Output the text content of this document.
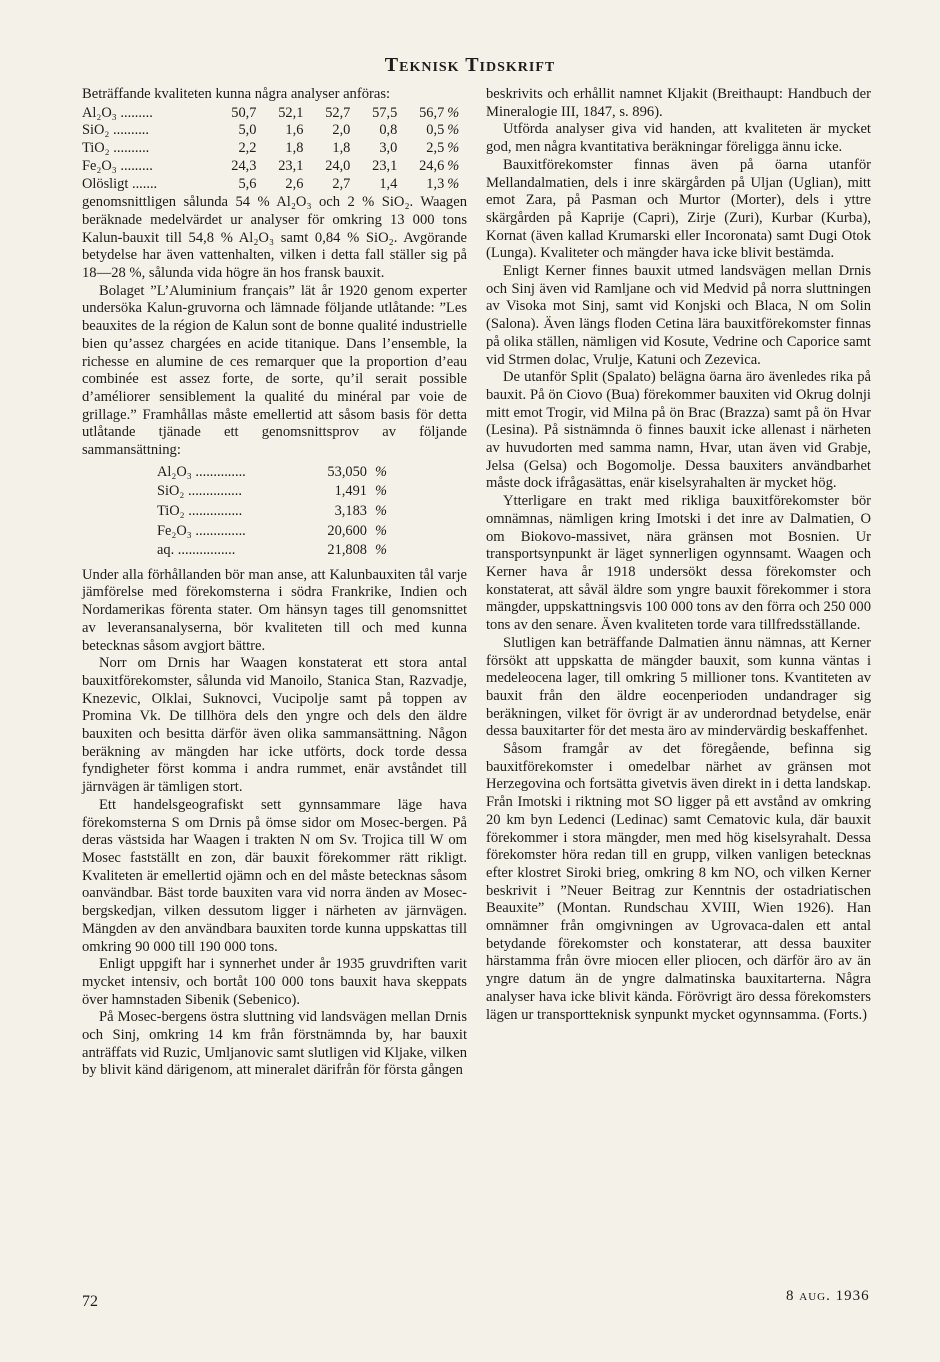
Teknisk Tidskrift

Beträffande kvaliteten kunna några analyser anföras:

Al₂O₃ .........	50,7	52,1	52,7	57,5	56,7	%
SiO₂ ..........	5,0	1,6	2,0	0,8	0,5	%
TiO₂ ..........	2,2	1,8	1,8	3,0	2,5	%
Fe₂O₃ .........	24,3	23,1	24,0	23,1	24,6	%
Olösligt .......	5,6	2,6	2,7	1,4	1,3	%

genomsnittligen sålunda 54 % Al₂O₃ och 2 % SiO₂. Waagen beräknade medelvärdet ur analyser för omkring 13 000 tons Kalun-bauxit till 54,8 % Al₂O₃ samt 0,84 % SiO₂. Avgörande betydelse har även vattenhalten, vilken i detta fall ställer sig på 18—28 %, sålunda vida högre än hos fransk bauxit.

Bolaget ”L’Aluminium français” lät år 1920 genom experter undersöka Kalun-gruvorna och lämnade följande utlåtande: ”Les beauxites de la région de Kalun sont de bonne qualité industrielle bien qu’assez chargées en acide titanique. Dans l’ensemble, la richesse en alumine de ces remarquer que la proportion d’eau combinée est assez forte, de sorte, qu’il serait possible d’améliorer sensiblement la qualité du minéral par voie de grillage.” Framhållas måste emellertid att såsom basis för detta utlåtande tjänade ett genomsnittsprov av följande sammansättning:

Al₂O₃ ..............	53,050	%
SiO₂ ...............	1,491	%
TiO₂ ...............	3,183	%
Fe₂O₃ ..............	20,600	%
aq. ................	21,808	%

Under alla förhållanden bör man anse, att Kalunbauxiten tål varje jämförelse med förekomsterna i södra Frankrike, Indien och Nordamerikas förenta stater. Om hänsyn tages till genomsnittet av leveransanalyserna, bör kvaliteten till och med kunna betecknas såsom avgjort bättre.

Norr om Drnis har Waagen konstaterat ett stora antal bauxitförekomster, sålunda vid Manoilo, Stanica Stan, Razvadje, Knezevic, Olklai, Suknovci, Vucipolje samt på toppen av Promina Vk. De tillhöra dels den yngre och dels den äldre bauxiten och besitta därför även olika sammansättning. Någon beräkning av mängden har icke utförts, dock torde dessa fyndigheter först komma i andra rummet, enär avståndet till järnvägen är tämligen stort.

Ett handelsgeografiskt sett gynnsammare läge hava förekomsterna S om Drnis på ömse sidor om Mosec-bergen. På deras västsida har Waagen i trakten N om Sv. Trojica till W om Mosec fastställt en zon, där bauxit förekommer rätt rikligt. Kvaliteten är emellertid ojämn och en del måste betecknas såsom oanvändbar. Bäst torde bauxiten vara vid norra änden av Mosec-bergskedjan, vilken dessutom ligger i närheten av järnvägen. Mängden av den användbara bauxiten torde kunna uppskattas till omkring 90 000 till 190 000 tons.

Enligt uppgift har i synnerhet under år 1935 gruvdriften varit mycket intensiv, och bortåt 100 000 tons bauxit hava skeppats över hamnstaden Sibenik (Sebenico).

På Mosec-bergens östra sluttning vid landsvägen mellan Drnis och Sinj, omkring 14 km från förstnämnda by, har bauxit anträffats vid Ruzic, Umljanovic samt slutligen vid Kljake, vilken by blivit känd därigenom, att mineralet därifrån för första gången

beskrivits och erhållit namnet Kljakit (Breithaupt: Handbuch der Mineralogie III, 1847, s. 896).

Utförda analyser giva vid handen, att kvaliteten är mycket god, men några kvantitativa beräkningar föreligga ännu icke.

Bauxitförekomster finnas även på öarna utanför Mellandalmatien, dels i inre skärgården på Uljan (Uglian), mitt emot Zara, på Pasman och Murtor (Morter), dels i yttre skärgården på Kaprije (Capri), Zirje (Zuri), Kurbar (Kurba), Kornat (även kallad Krumarski eller Incoronata) samt Dugi Otok (Lunga). Kvaliteter och mängder hava icke blivit bestämda.

Enligt Kerner finnes bauxit utmed landsvägen mellan Drnis och Sinj även vid Ramljane och vid Medvid på norra sluttningen av Visoka mot Sinj, samt vid Konjski och Blaca, N om Solin (Salona). Även längs floden Cetina lära bauxitförekomster finnas på olika ställen, nämligen vid Kosute, Vedrine och Caporice samt vid Strmen dolac, Vrulje, Katuni och Zezevica.

De utanför Split (Spalato) belägna öarna äro ävenledes rika på bauxit. På ön Ciovo (Bua) förekommer bauxiten vid Okrug dolnji mitt emot Trogir, vid Milna på ön Brac (Brazza) samt på ön Hvar (Lesina). På sistnämnda ö finnes bauxit icke allenast i närheten av huvudorten med samma namn, Hvar, utan även vid Grabje, Jelsa (Gelsa) och Bogomolje. Dessa bauxiters användbarhet måste dock ifrågasättas, enär kiselsyrahalten är mycket hög.

Ytterligare en trakt med rikliga bauxitförekomster bör omnämnas, nämligen kring Imotski i det inre av Dalmatien, O om Biokovo-massivet, nära gränsen mot Bosnien. Ur transportsynpunkt är läget synnerligen ogynnsamt. Waagen och Kerner hava år 1918 undersökt dessa förekomster och konstaterat, att såväl äldre som yngre bauxit förekommer i stora mängder, uppskattningsvis 100 000 tons av den förra och 250 000 tons av den senare. Även kvaliteten torde vara tillfredsställande.

Slutligen kan beträffande Dalmatien ännu nämnas, att Kerner försökt att uppskatta de mängder bauxit, som kunna väntas i medeleocena lager, till omkring 5 millioner tons. Kvantiteten av bauxit från den äldre eocenperioden undandrager sig beräkningen, vilket för övrigt är av underordnad betydelse, enär dessa bauxitarter för det mesta äro av mindervärdig beskaffenhet.

Såsom framgår av det föregående, befinna sig bauxitförekomster i omedelbar närhet av gränsen mot Herzegovina och fortsätta givetvis även direkt in i detta landskap. Från Imotski i riktning mot SO ligger på ett avstånd av omkring 20 km byn Ledenci (Ledinac) samt Cematovic kula, där bauxit förekommer i stora mängder, men med hög kiselsyrahalt. Dessa förekomster höra redan till en grupp, vilken vanligen betecknas efter klostret Siroki brieg, omkring 8 km NO, och vilken Kerner beskrivit i ”Neuer Beitrag zur Kenntnis der ostadriatischen Beauxite” (Montan. Rundschau XVIII, Wien 1926). Han omnämner från omgivningen av Ugrovaca-dalen ett antal betydande förekomster och konstaterar, att dessa bauxiter härstamma från övre miocen eller pliocen, och därför äro av än yngre datum än de yngre dalmatinska bauxitarterna. Några analyser hava icke blivit kända. Förövrigt äro dessa förekomsters lägen ur transportteknisk synpunkt mycket ogynnsamma. (Forts.)

72	8 aug. 1936
